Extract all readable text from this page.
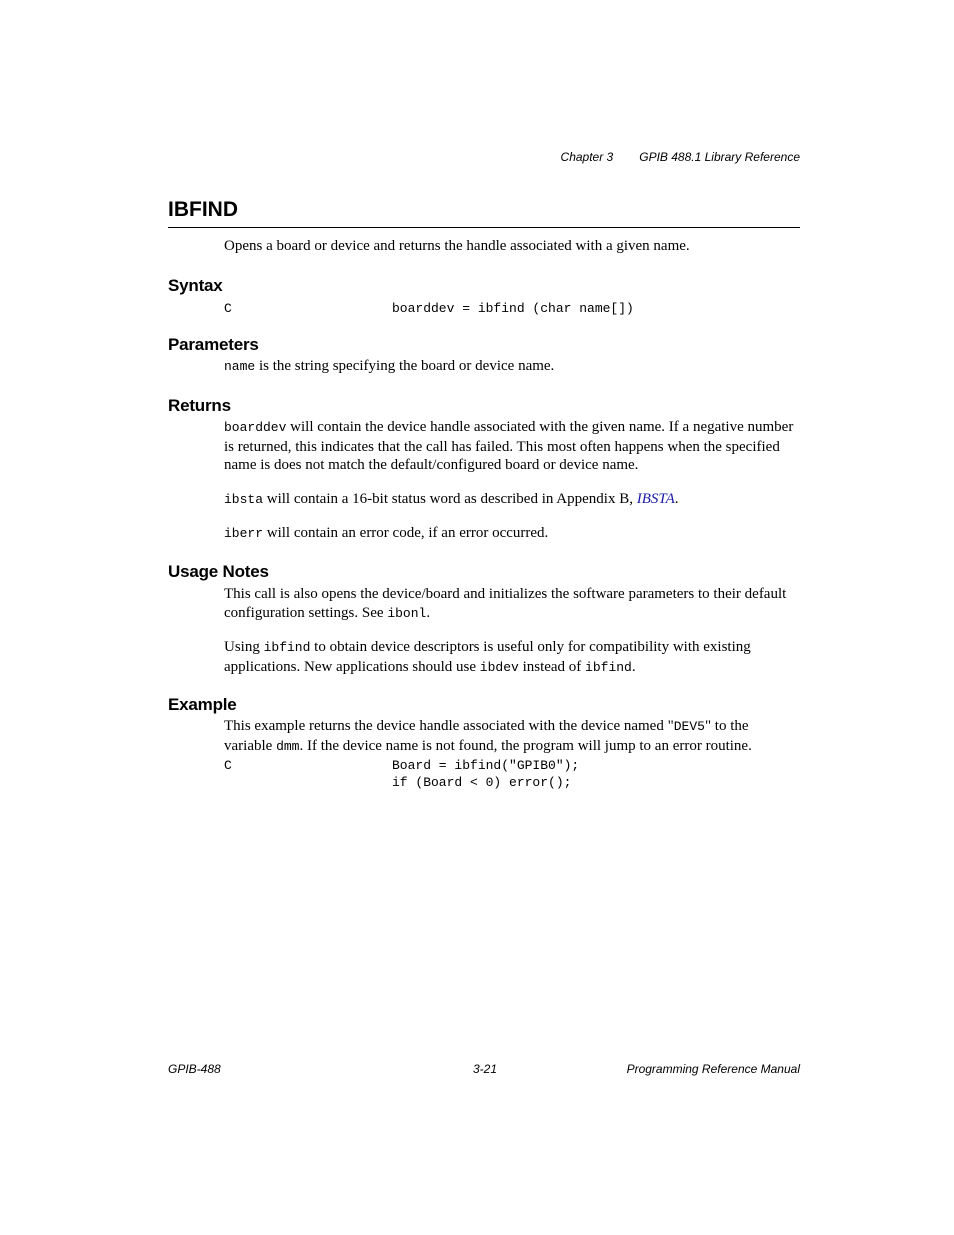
Chapter 3 GPIB 488.1 Library Reference
IBFIND
Opens a board or device and returns the handle associated with a given name.
Syntax
C	boarddev = ibfind (char name[])
Parameters
name is the string specifying the board or device name.
Returns
boarddev will contain the device handle associated with the given name. If a negative number is returned, this indicates that the call has failed. This most often happens when the specified name is does not match the default/configured board or device name.
ibsta will contain a 16-bit status word as described in Appendix B, IBSTA.
iberr will contain an error code, if an error occurred.
Usage Notes
This call is also opens the device/board and initializes the software parameters to their default configuration settings. See ibonl.
Using ibfind to obtain device descriptors is useful only for compatibility with existing applications. New applications should use ibdev instead of ibfind.
Example
This example returns the device handle associated with the device named "DEV5" to the variable dmm. If the device name is not found, the program will jump to an error routine.
C	Board = ibfind("GPIB0");
if (Board < 0) error();
GPIB-488	3-21	Programming Reference Manual
